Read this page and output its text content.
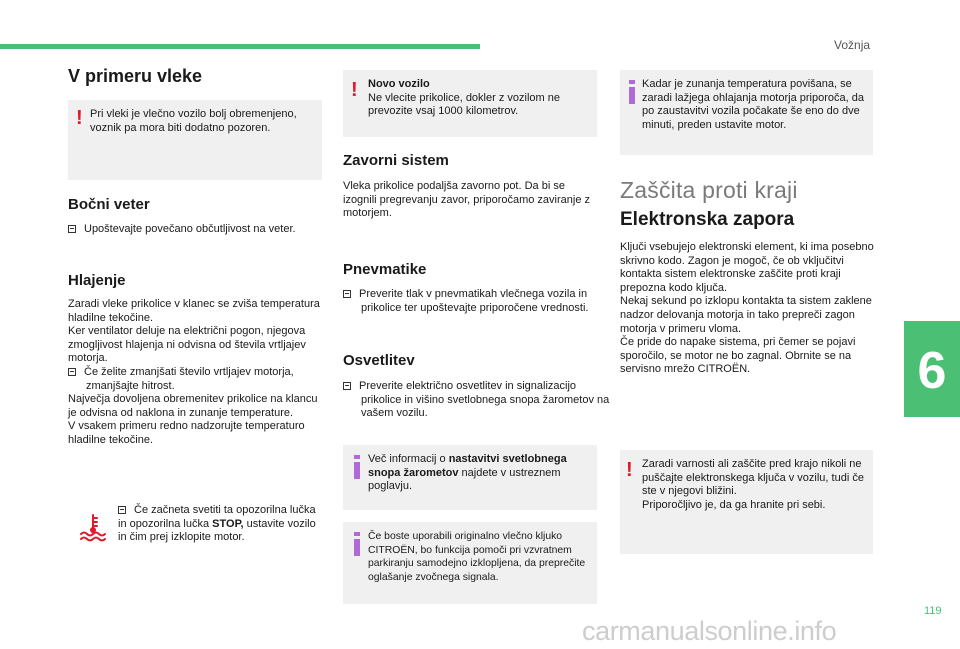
Vožnja
6
119
carmanualsonline.info
V primeru vleke
! Pri vleki je vlečno vozilo bolj obremenjeno, voznik pa mora biti dodatno pozoren.
Bočni veter
Upoštevajte povečano občutljivost na veter.
Hlajenje

Zaradi vleke prikolice v klanec se zviša temperatura hladilne tekočine.

Ker ventilator deluje na električni pogon, njegova zmogljivost hlajenja ni odvisna od števila vrtljajev motorja.

Če želite zmanjšati število vrtljajev motorja, zmanjšajte hitrost.

Največja dovoljena obremenitev prikolice na klancu je odvisna od naklona in zunanje temperature.

V vsakem primeru redno nadzorujte temperaturo hladilne tekočine.

Če začneta svetiti ta opozorilna lučka in opozorilna lučka STOP, ustavite vozilo in čim prej izklopite motor.
! Novo vozilo
Ne vlecite prikolice, dokler z vozilom ne prevozite vsaj 1000 kilometrov.
Zavorni sistem
Vleka prikolice podaljša zavorno pot. Da bi se izognili pregrevanju zavor, priporočamo zaviranje z motorjem.
Pnevmatike
Preverite tlak v pnevmatikah vlečnega vozila in prikolice ter upoštevajte priporočene vrednosti.
Osvetlitev
Preverite električno osvetlitev in signalizacijo prikolice in višino svetlobnega snopa žarometov na vašem vozilu.
Več informacij o nastavitvi svetlobnega snopa žarometov najdete v ustreznem poglavju.
Če boste uporabili originalno vlečno kljuko CITROËN, bo funkcija pomoči pri vzvratnem parkiranju samodejno izklopljena, da preprečite oglašanje zvočnega signala.
Kadar je zunanja temperatura povišana, se zaradi lažjega ohlajanja motorja priporoča, da po zaustavitvi vozila počakate še eno do dve minuti, preden ustavite motor.
Zaščita proti kraji
Elektronska zapora

Ključi vsebujejo elektronski element, ki ima posebno skrivno kodo. Zagon je mogoč, če ob vključitvi kontakta sistem elektronske zaščite proti kraji prepozna kodo ključa.

Nekaj sekund po izklopu kontakta ta sistem zaklene nadzor delovanja motorja in tako prepreči zagon motorja v primeru vloma.

Če pride do napake sistema, pri čemer se pojavi sporočilo, se motor ne bo zagnal. Obrnite se na servisno mrežo CITROËN.

! Zaradi varnosti ali zaščite pred krajo nikoli ne puščajte elektronskega ključa v vozilu, tudi če ste v njegovi bližini.
Priporočljivo je, da ga hranite pri sebi.
